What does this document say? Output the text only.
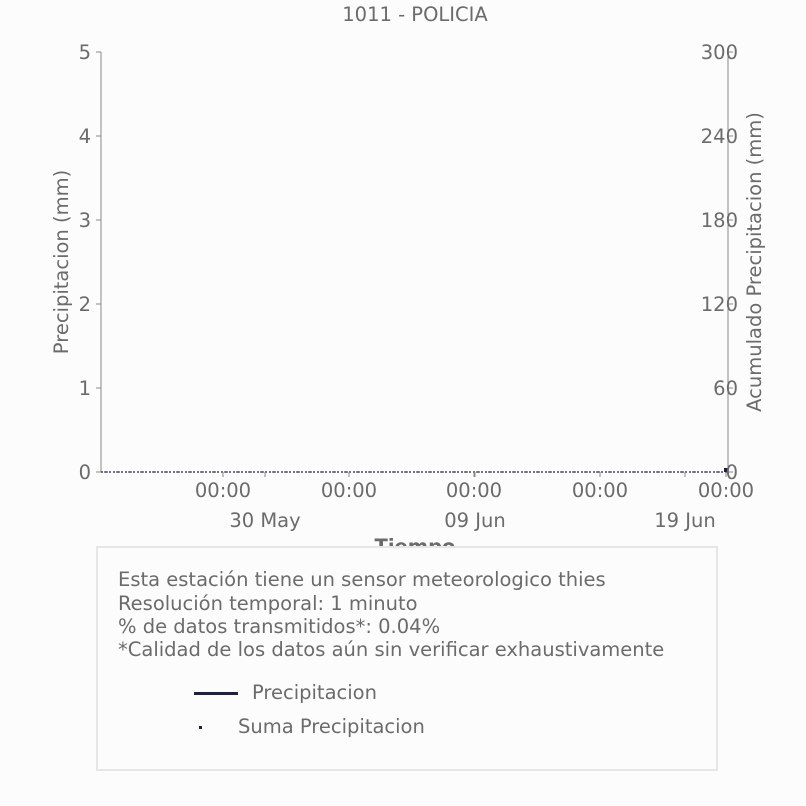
1011 - POLICIA
0
1
2
3
4
5
0
60
120
180
240
300
00:00	00:00	00:00	00:00	00:00
30 May	09 Jun	19 Jun
Precipitacion (mm)	Acumulado Precipitacion (mm)
Esta estación tiene un sensor meteorologico thies
Resolución temporal: 1 minuto
% de datos transmitidos*: 0.04%
*Calidad de los datos aún sin verificar exhaustivamente
Precipitacion
Suma Precipitacion
